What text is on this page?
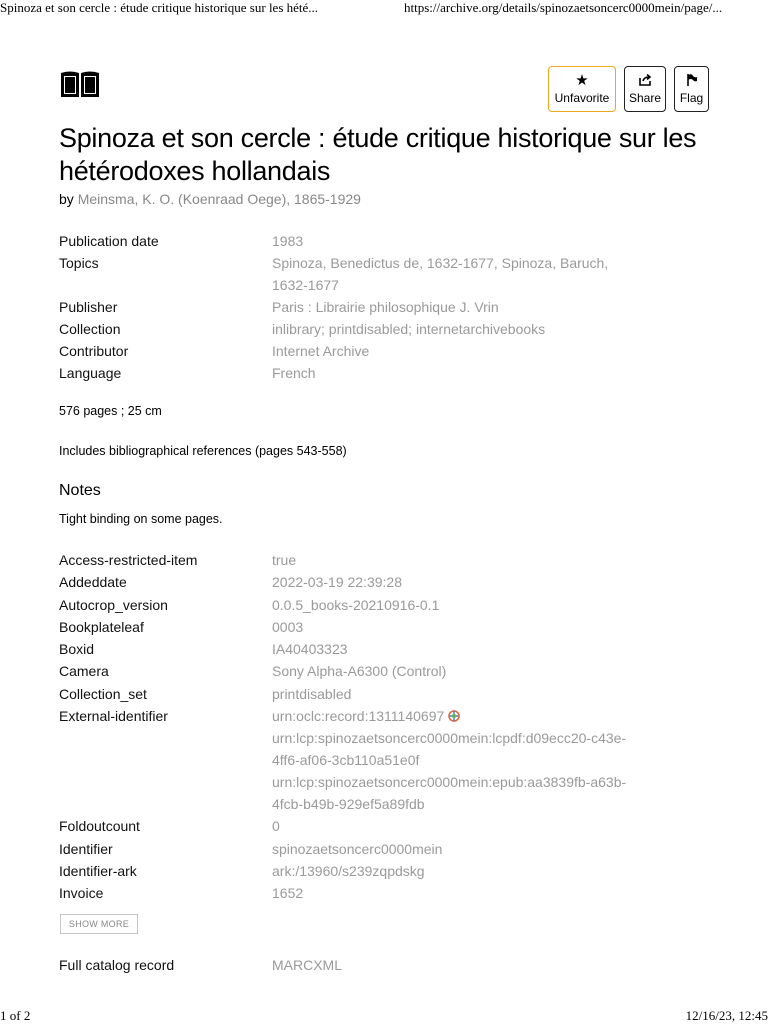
Spinoza et son cercle : étude critique historique sur les hété...	https://archive.org/details/spinozaetsoncerc0000mein/page/...
★
Unfavorite Share Flag
Spinoza et son cercle : étude critique historique sur les hétérodoxes hollandais
by Meinsma, K. O. (Koenraad Oege), 1865-1929
Publication date	1983
Topics	Spinoza, Benedictus de, 1632-1677, Spinoza, Baruch, 1632-1677
Publisher	Paris : Librairie philosophique J. Vrin
Collection	inlibrary; printdisabled; internetarchivebooks
Contributor	Internet Archive
Language	French
576 pages ; 25 cm
Includes bibliographical references (pages 543-558)
Notes
Tight binding on some pages.
Access-restricted-item	true
Addeddate	2022-03-19 22:39:28
Autocrop_version	0.0.5_books-20210916-0.1
Bookplateleaf	0003
Boxid	IA40403323
Camera	Sony Alpha-A6300 (Control)
Collection_set	printdisabled
External-identifier	urn:oclc:record:1311140697
urn:lcp:spinozaetsoncerc0000mein:lcpdf:d09ecc20-c43e-4ff6-af06-3cb110a51e0f
urn:lcp:spinozaetsoncerc0000mein:epub:aa3839fb-a63b-4fcb-b49b-929ef5a89fdb
Foldoutcount	0
Identifier	spinozaetsoncerc0000mein
Identifier-ark	ark:/13960/s239zqpdskg
Invoice	1652
SHOW MORE
Full catalog record	MARCXML
1 of 2	12/16/23, 12:45
